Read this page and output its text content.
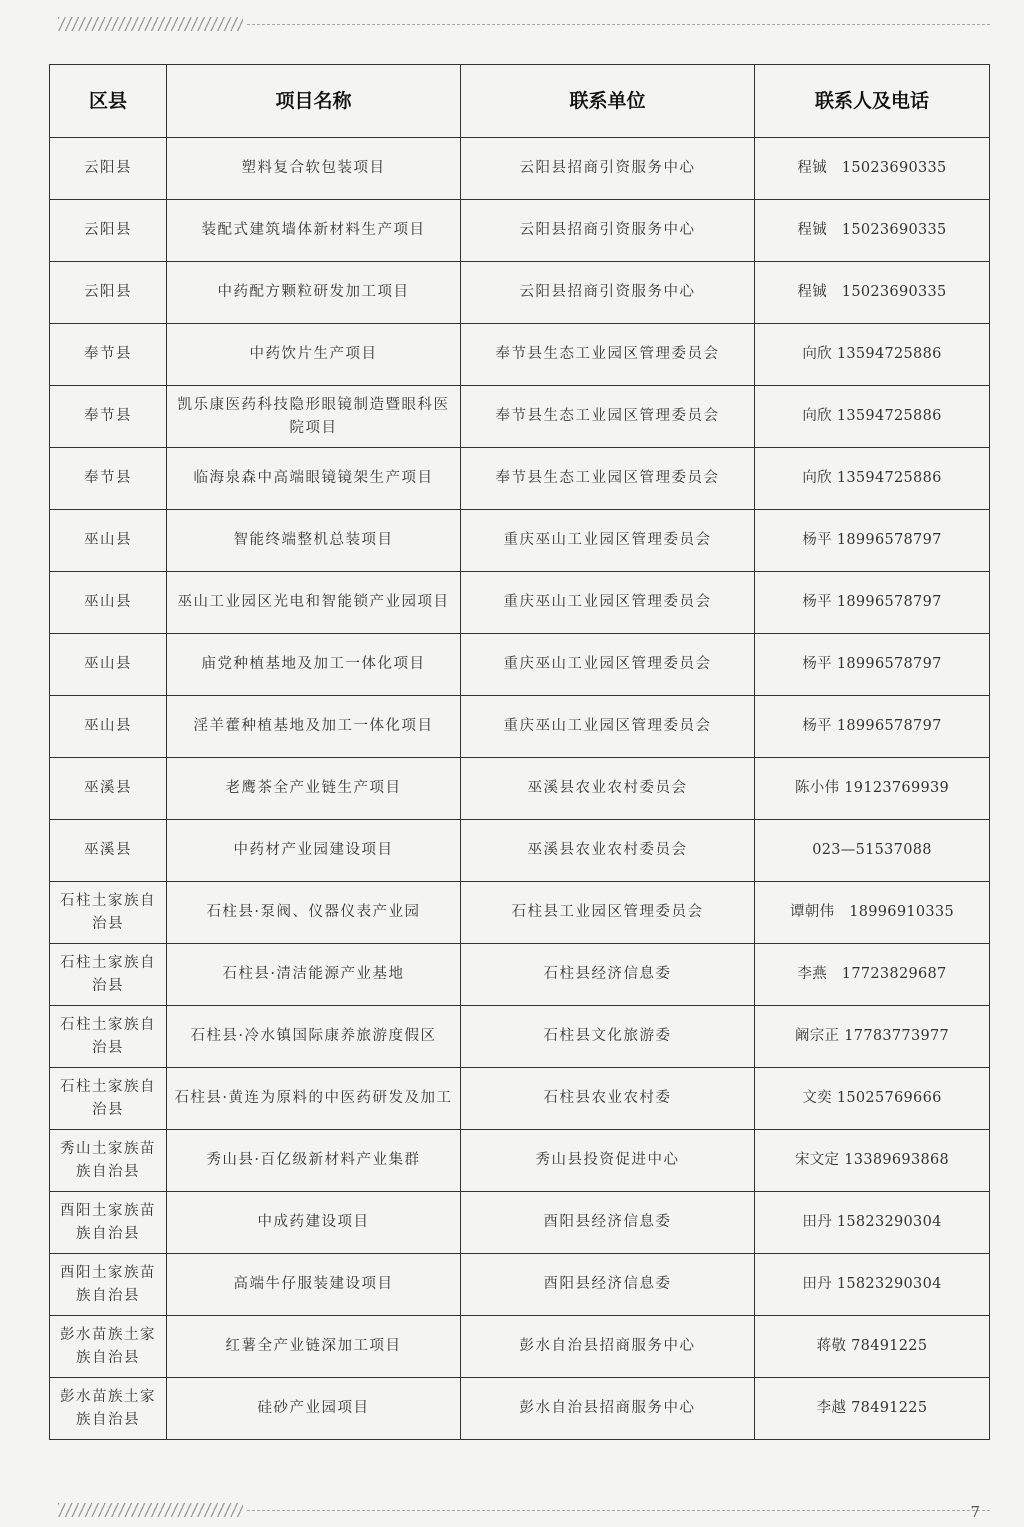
区县	项目名称	联系单位	联系人及电话
云阳县	塑料复合软包装项目	云阳县招商引资服务中心	程铖　15023690335
云阳县	装配式建筑墙体新材料生产项目	云阳县招商引资服务中心	程铖　15023690335
云阳县	中药配方颗粒研发加工项目	云阳县招商引资服务中心	程铖　15023690335
奉节县	中药饮片生产项目	奉节县生态工业园区管理委员会	向欣 13594725886
奉节县	凯乐康医药科技隐形眼镜制造暨眼科医院项目	奉节县生态工业园区管理委员会	向欣 13594725886
奉节县	临海泉森中高端眼镜镜架生产项目	奉节县生态工业园区管理委员会	向欣 13594725886
巫山县	智能终端整机总装项目	重庆巫山工业园区管理委员会	杨平 18996578797
巫山县	巫山工业园区光电和智能锁产业园项目	重庆巫山工业园区管理委员会	杨平 18996578797
巫山县	庙党种植基地及加工一体化项目	重庆巫山工业园区管理委员会	杨平 18996578797
巫山县	淫羊藿种植基地及加工一体化项目	重庆巫山工业园区管理委员会	杨平 18996578797
巫溪县	老鹰茶全产业链生产项目	巫溪县农业农村委员会	陈小伟 19123769939
巫溪县	中药材产业园建设项目	巫溪县农业农村委员会	023—51537088
石柱土家族自治县	石柱县·泵阀、仪器仪表产业园	石柱县工业园区管理委员会	谭朝伟　18996910335
石柱土家族自治县	石柱县·清洁能源产业基地	石柱县经济信息委	李燕　17723829687
石柱土家族自治县	石柱县·冷水镇国际康养旅游度假区	石柱县文化旅游委	阚宗正 17783773977
石柱土家族自治县	石柱县·黄连为原料的中医药研发及加工	石柱县农业农村委	文奕 15025769666
秀山土家族苗族自治县	秀山县·百亿级新材料产业集群	秀山县投资促进中心	宋文定 13389693868
酉阳土家族苗族自治县	中成药建设项目	酉阳县经济信息委	田丹 15823290304
酉阳土家族苗族自治县	高端牛仔服装建设项目	酉阳县经济信息委	田丹 15823290304
彭水苗族土家族自治县	红薯全产业链深加工项目	彭水自治县招商服务中心	蒋敬 78491225
彭水苗族土家族自治县	硅砂产业园项目	彭水自治县招商服务中心	李越 78491225
7
